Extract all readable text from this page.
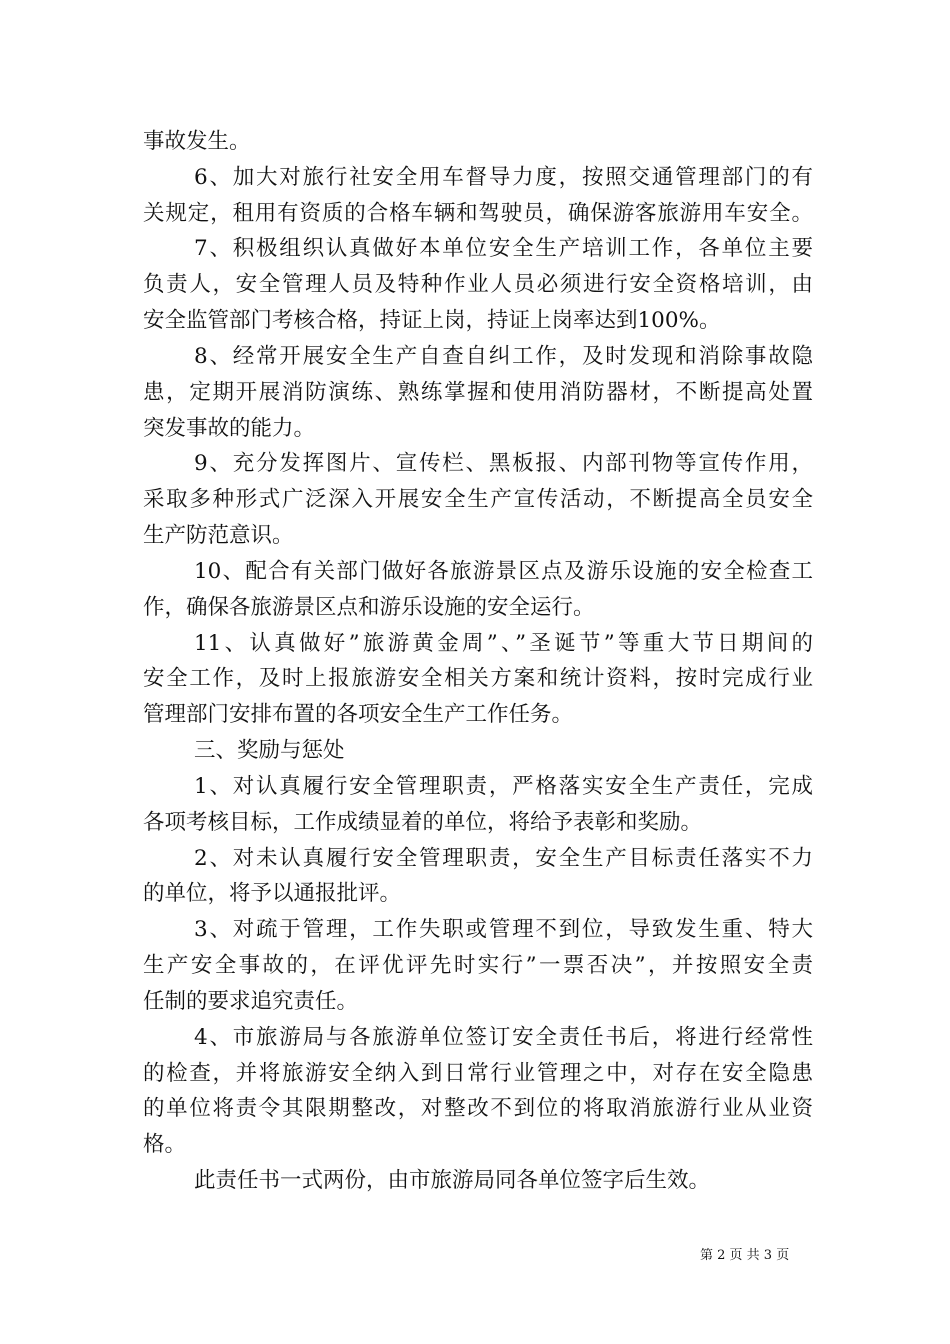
事故发生。
6、加大对旅行社安全用车督导力度，按照交通管理部门的有
关规定，租用有资质的合格车辆和驾驶员，确保游客旅游用车安全。
7、积极组织认真做好本单位安全生产培训工作，各单位主要
负责人，安全管理人员及特种作业人员必须进行安全资格培训，由
安全监管部门考核合格，持证上岗，持证上岗率达到100%。
8、经常开展安全生产自查自纠工作，及时发现和消除事故隐
患，定期开展消防演练、熟练掌握和使用消防器材，不断提高处置
突发事故的能力。
9、充分发挥图片、宣传栏、黑板报、内部刊物等宣传作用，
采取多种形式广泛深入开展安全生产宣传活动，不断提高全员安全
生产防范意识。
10、配合有关部门做好各旅游景区点及游乐设施的安全检查工
作，确保各旅游景区点和游乐设施的安全运行。
11、认真做好”旅游黄金周”、”圣诞节”等重大节日期间的
安全工作，及时上报旅游安全相关方案和统计资料，按时完成行业
管理部门安排布置的各项安全生产工作任务。
三、奖励与惩处
1、对认真履行安全管理职责，严格落实安全生产责任，完成
各项考核目标，工作成绩显着的单位，将给予表彰和奖励。
2、对未认真履行安全管理职责，安全生产目标责任落实不力
的单位，将予以通报批评。
3、对疏于管理，工作失职或管理不到位，导致发生重、特大
生产安全事故的，在评优评先时实行”一票否决”，并按照安全责
任制的要求追究责任。
4、市旅游局与各旅游单位签订安全责任书后，将进行经常性
的检查，并将旅游安全纳入到日常行业管理之中，对存在安全隐患
的单位将责令其限期整改，对整改不到位的将取消旅游行业从业资
格。
此责任书一式两份，由市旅游局同各单位签字后生效。
第 2 页 共 3 页
